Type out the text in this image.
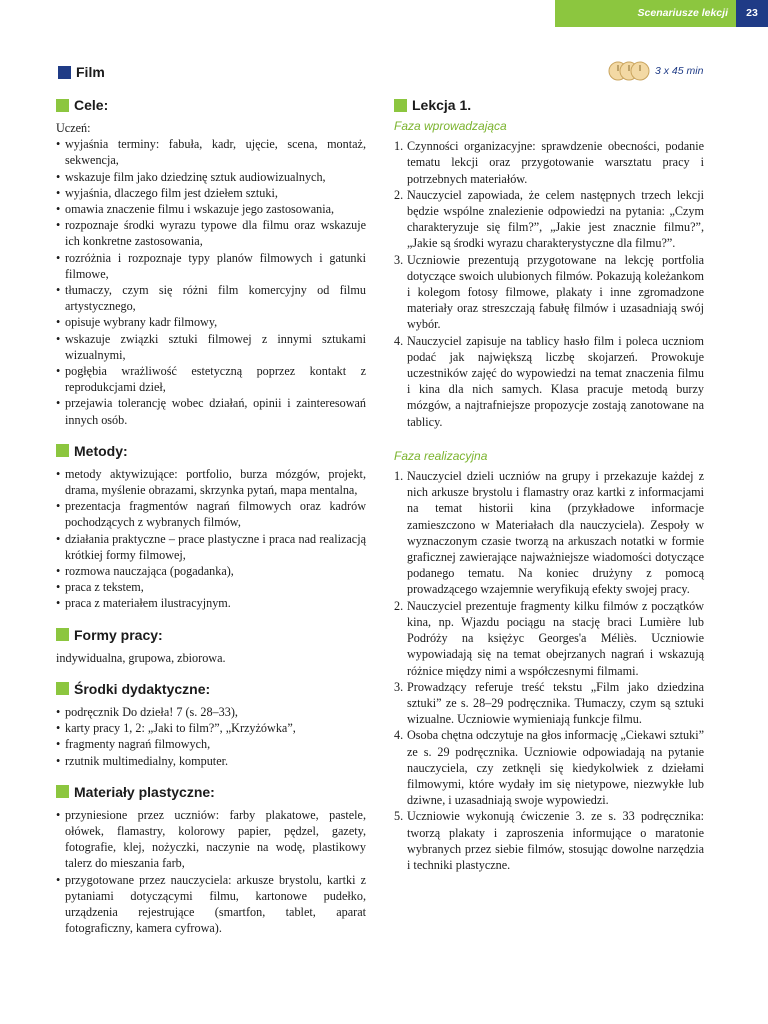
Scenariusze lekcji	23
Film	3 x 45 min
Cele:

Uczeń:

• wyjaśnia terminy: fabuła, kadr, ujęcie, scena, montaż, sekwencja,
• wskazuje film jako dziedzinę sztuk audiowizualnych,
• wyjaśnia, dlaczego film jest dziełem sztuki,
• omawia znaczenie filmu i wskazuje jego zastosowania,
• rozpoznaje środki wyrazu typowe dla filmu oraz wskazuje ich konkretne zastosowania,
• rozróżnia i rozpoznaje typy planów filmowych i gatunki filmowe,
• tłumaczy, czym się różni film komercyjny od filmu artystycznego,
• opisuje wybrany kadr filmowy,
• wskazuje związki sztuki filmowej z innymi sztukami wizualnymi,
• pogłębia wrażliwość estetyczną poprzez kontakt z reprodukcjami dzieł,
• przejawia tolerancję wobec działań, opinii i zainteresowań innych osób.
Metody:
• metody aktywizujące: portfolio, burza mózgów, projekt, drama, myślenie obrazami, skrzynka pytań, mapa mentalna,
• prezentacja fragmentów nagrań filmowych oraz kadrów pochodzących z wybranych filmów,
• działania praktyczne – prace plastyczne i praca nad realizacją krótkiej formy filmowej,
• rozmowa nauczająca (pogadanka),
• praca z tekstem,
• praca z materiałem ilustracyjnym.
Formy pracy:

indywidualna, grupowa, zbiorowa.

Środki dydaktyczne:
• podręcznik Do dzieła! 7 (s. 28–33),
• karty pracy 1, 2: „Jaki to film?”, „Krzyżówka”,
• fragmenty nagrań filmowych,
• rzutnik multimedialny, komputer.
Materiały plastyczne:
• przyniesione przez uczniów: farby plakatowe, pastele, ołówek, flamastry, kolorowy papier, pędzel, gazety, fotografie, klej, nożyczki, naczynie na wodę, plastikowy talerz do mieszania farb,
• przygotowane przez nauczyciela: arkusze brystolu, kartki z pytaniami dotyczącymi filmu, kartonowe pudełko, urządzenia rejestrujące (smartfon, tablet, aparat fotograficzny, kamera cyfrowa).
Lekcja 1.
Faza wprowadzająca
1. Czynności organizacyjne: sprawdzenie obecności, podanie tematu lekcji oraz przygotowanie warsztatu pracy i potrzebnych materiałów.
2. Nauczyciel zapowiada, że celem następnych trzech lekcji będzie wspólne znalezienie odpowiedzi na pytania: „Czym charakteryzuje się film?”, „Jakie jest znacznie filmu?”, „Jakie są środki wyrazu charakterystyczne dla filmu?”.
3. Uczniowie prezentują przygotowane na lekcję portfolia dotyczące swoich ulubionych filmów. Pokazują koleżankom i kolegom fotosy filmowe, plakaty i inne zgromadzone materiały oraz streszczają fabułę filmów i uzasadniają swój wybór.
4. Nauczyciel zapisuje na tablicy hasło film i poleca uczniom podać jak największą liczbę skojarzeń. Prowokuje uczestników zajęć do wypowiedzi na temat znaczenia filmu i kina dla nich samych. Klasa pracuje metodą burzy mózgów, a najtrafniejsze propozycje zostają zanotowane na tablicy.
Faza realizacyjna
1. Nauczyciel dzieli uczniów na grupy i przekazuje każdej z nich arkusze brystolu i flamastry oraz kartki z informacjami na temat historii kina (przykładowe informacje zamieszczono w Materiałach dla nauczyciela). Zespoły w wyznaczonym czasie tworzą na arkuszach notatki w formie graficznej zawierające najważniejsze wiadomości dotyczące podanego tematu. Na koniec drużyny z pomocą prowadzącego wzajemnie weryfikują efekty swojej pracy.
2. Nauczyciel prezentuje fragmenty kilku filmów z początków kina, np. Wjazdu pociągu na stację braci Lumière lub Podróży na księżyc Georges'a Méliès. Uczniowie wypowiadają się na temat obejrzanych nagrań i wskazują różnice między nimi a współczesnymi filmami.
3. Prowadzący referuje treść tekstu „Film jako dziedzina sztuki” ze s. 28–29 podręcznika. Tłumaczy, czym są sztuki wizualne. Uczniowie wymieniają funkcje filmu.
4. Osoba chętna odczytuje na głos informację „Ciekawi sztuki” ze s. 29 podręcznika. Uczniowie odpowiadają na pytanie nauczyciela, czy zetknęli się kiedykolwiek z dziełami filmowymi, które wydały im się nietypowe, niezwykłe lub dziwne, i uzasadniają swoje wypowiedzi.
5. Uczniowie wykonują ćwiczenie 3. ze s. 33 podręcznika: tworzą plakaty i zaproszenia informujące o maratonie wybranych przez siebie filmów, stosując dowolne narzędzia i techniki plastyczne.
